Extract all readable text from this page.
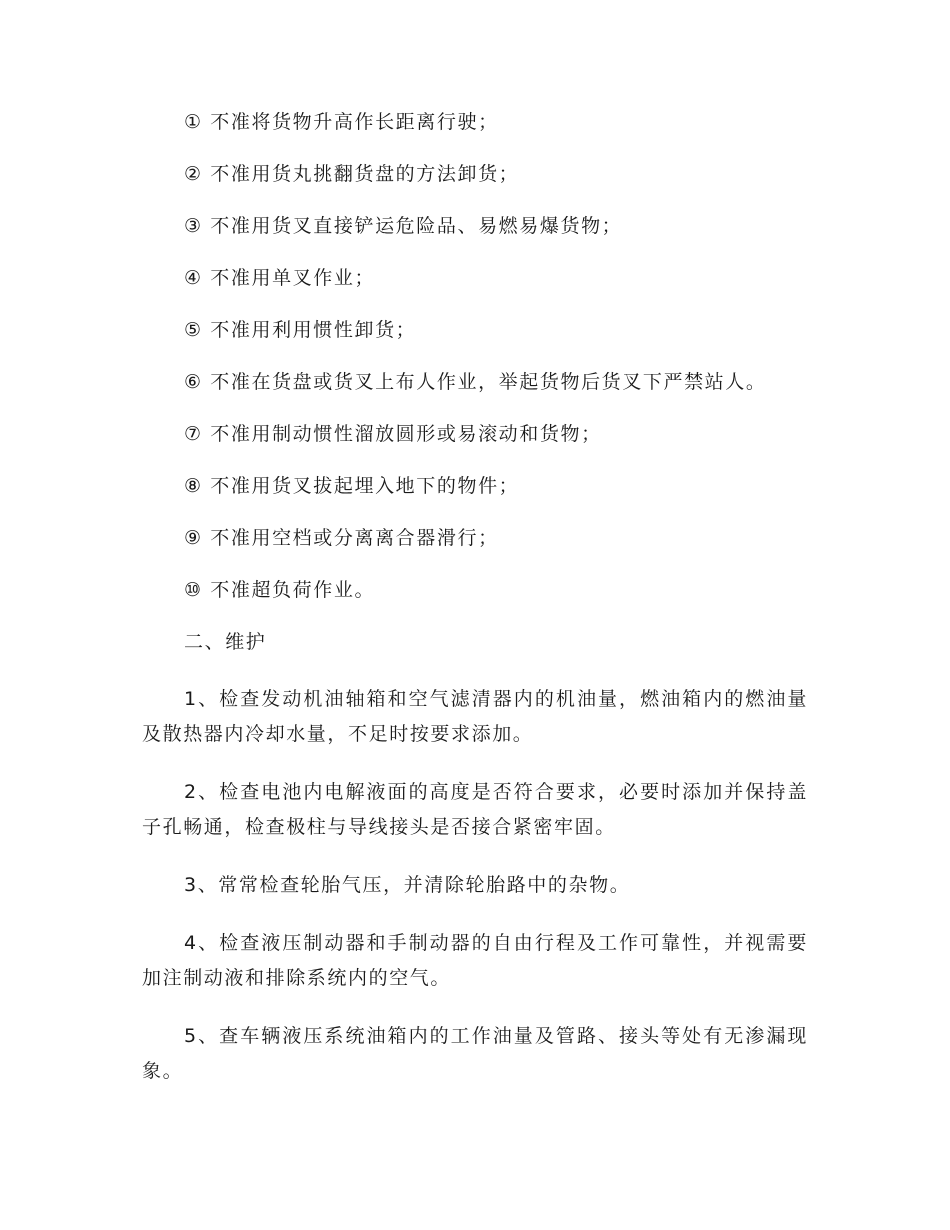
① 不准将货物升高作长距离行驶；

② 不准用货丸挑翻货盘的方法卸货；

③ 不准用货叉直接铲运危险品、易燃易爆货物；

④ 不准用单叉作业；

⑤ 不准用利用惯性卸货；

⑥ 不准在货盘或货叉上布人作业，举起货物后货叉下严禁站人。

⑦ 不准用制动惯性溜放圆形或易滚动和货物；

⑧ 不准用货叉拔起埋入地下的物件；

⑨ 不准用空档或分离离合器滑行；

⑩ 不准超负荷作业。

二、维护

1、检查发动机油轴箱和空气滤清器内的机油量，燃油箱内的燃油量及散热器内冷却水量，不足时按要求添加。

2、检查电池内电解液面的高度是否符合要求，必要时添加并保持盖子孔畅通，检查极柱与导线接头是否接合紧密牢固。

3、常常检查轮胎气压，并清除轮胎路中的杂物。

4、检查液压制动器和手制动器的自由行程及工作可靠性，并视需要加注制动液和排除系统内的空气。

5、查车辆液压系统油箱内的工作油量及管路、接头等处有无渗漏现象。
